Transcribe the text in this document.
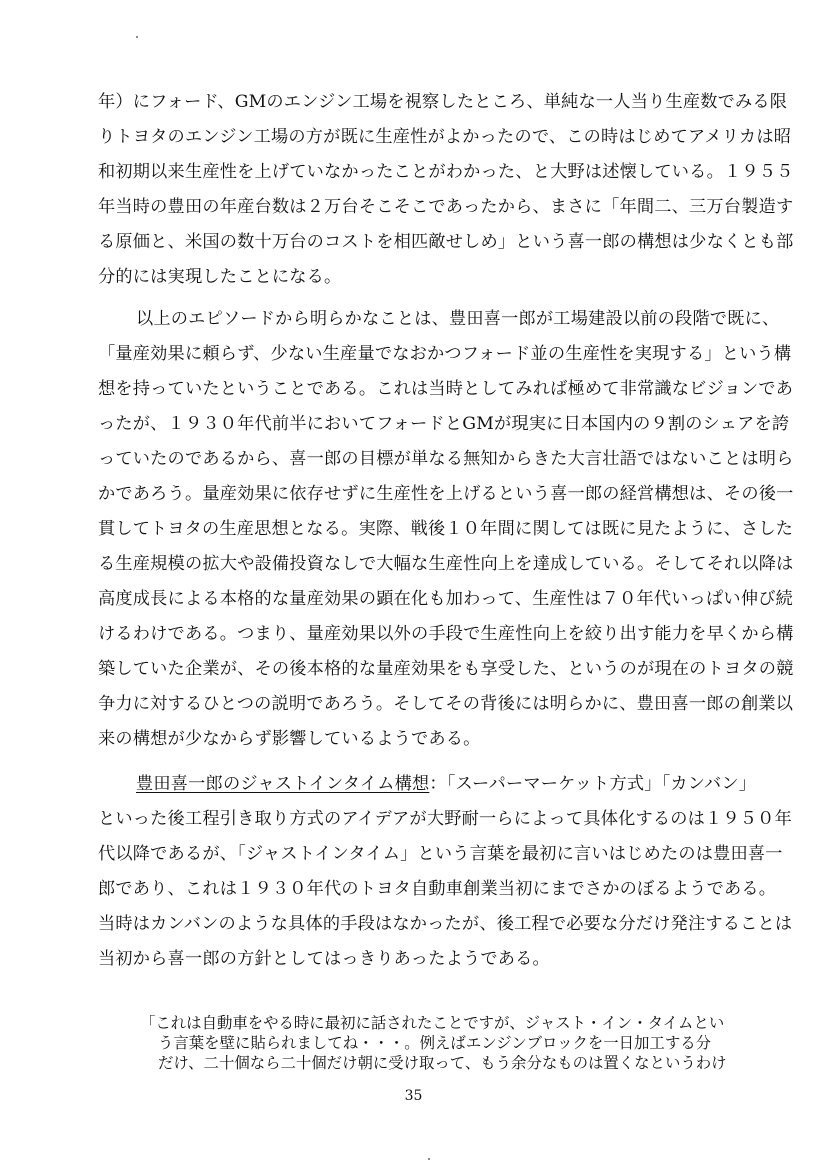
年）にフォード、GMのエンジン工場を視察したところ、単純な一人当り生産数でみる限
りトヨタのエンジン工場の方が既に生産性がよかったので、この時はじめてアメリカは昭
和初期以来生産性を上げていなかったことがわかった、と大野は述懐している。１９５５
年当時の豊田の年産台数は２万台そこそこであったから、まさに「年間二、三万台製造す
る原価と、米国の数十万台のコストを相匹敵せしめ」という喜一郎の構想は少なくとも部
分的には実現したことになる。
以上のエピソードから明らかなことは、豊田喜一郎が工場建設以前の段階で既に、
「量産効果に頼らず、少ない生産量でなおかつフォード並の生産性を実現する」という構
想を持っていたということである。これは当時としてみれば極めて非常識なビジョンであ
ったが、１９３０年代前半においてフォードとGMが現実に日本国内の９割のシェアを誇
っていたのであるから、喜一郎の目標が単なる無知からきた大言壮語ではないことは明ら
かであろう。量産効果に依存せずに生産性を上げるという喜一郎の経営構想は、その後一
貫してトヨタの生産思想となる。実際、戦後１０年間に関しては既に見たように、さした
る生産規模の拡大や設備投資なしで大幅な生産性向上を達成している。そしてそれ以降は
高度成長による本格的な量産効果の顕在化も加わって、生産性は７０年代いっぱい伸び続
けるわけである。つまり、量産効果以外の手段で生産性向上を絞り出す能力を早くから構
築していた企業が、その後本格的な量産効果をも享受した、というのが現在のトヨタの競
争力に対するひとつの説明であろう。そしてその背後には明らかに、豊田喜一郎の創業以
来の構想が少なからず影響しているようである。
豊田喜一郎のジャストインタイム構想：「スーパーマーケット方式」「カンバン」
といった後工程引き取り方式のアイデアが大野耐一らによって具体化するのは１９５０年
代以降であるが、「ジャストインタイム」という言葉を最初に言いはじめたのは豊田喜一
郎であり、これは１９３０年代のトヨタ自動車創業当初にまでさかのぼるようである。
当時はカンバンのような具体的手段はなかったが、後工程で必要な分だけ発注することは
当初から喜一郎の方針としてはっきりあったようである。
「これは自動車をやる時に最初に話されたことですが、ジャスト・イン・タイムとい
う言葉を壁に貼られましてね・・・。例えばエンジンブロックを一日加工する分
だけ、二十個なら二十個だけ朝に受け取って、もう余分なものは置くなというわけ
35
